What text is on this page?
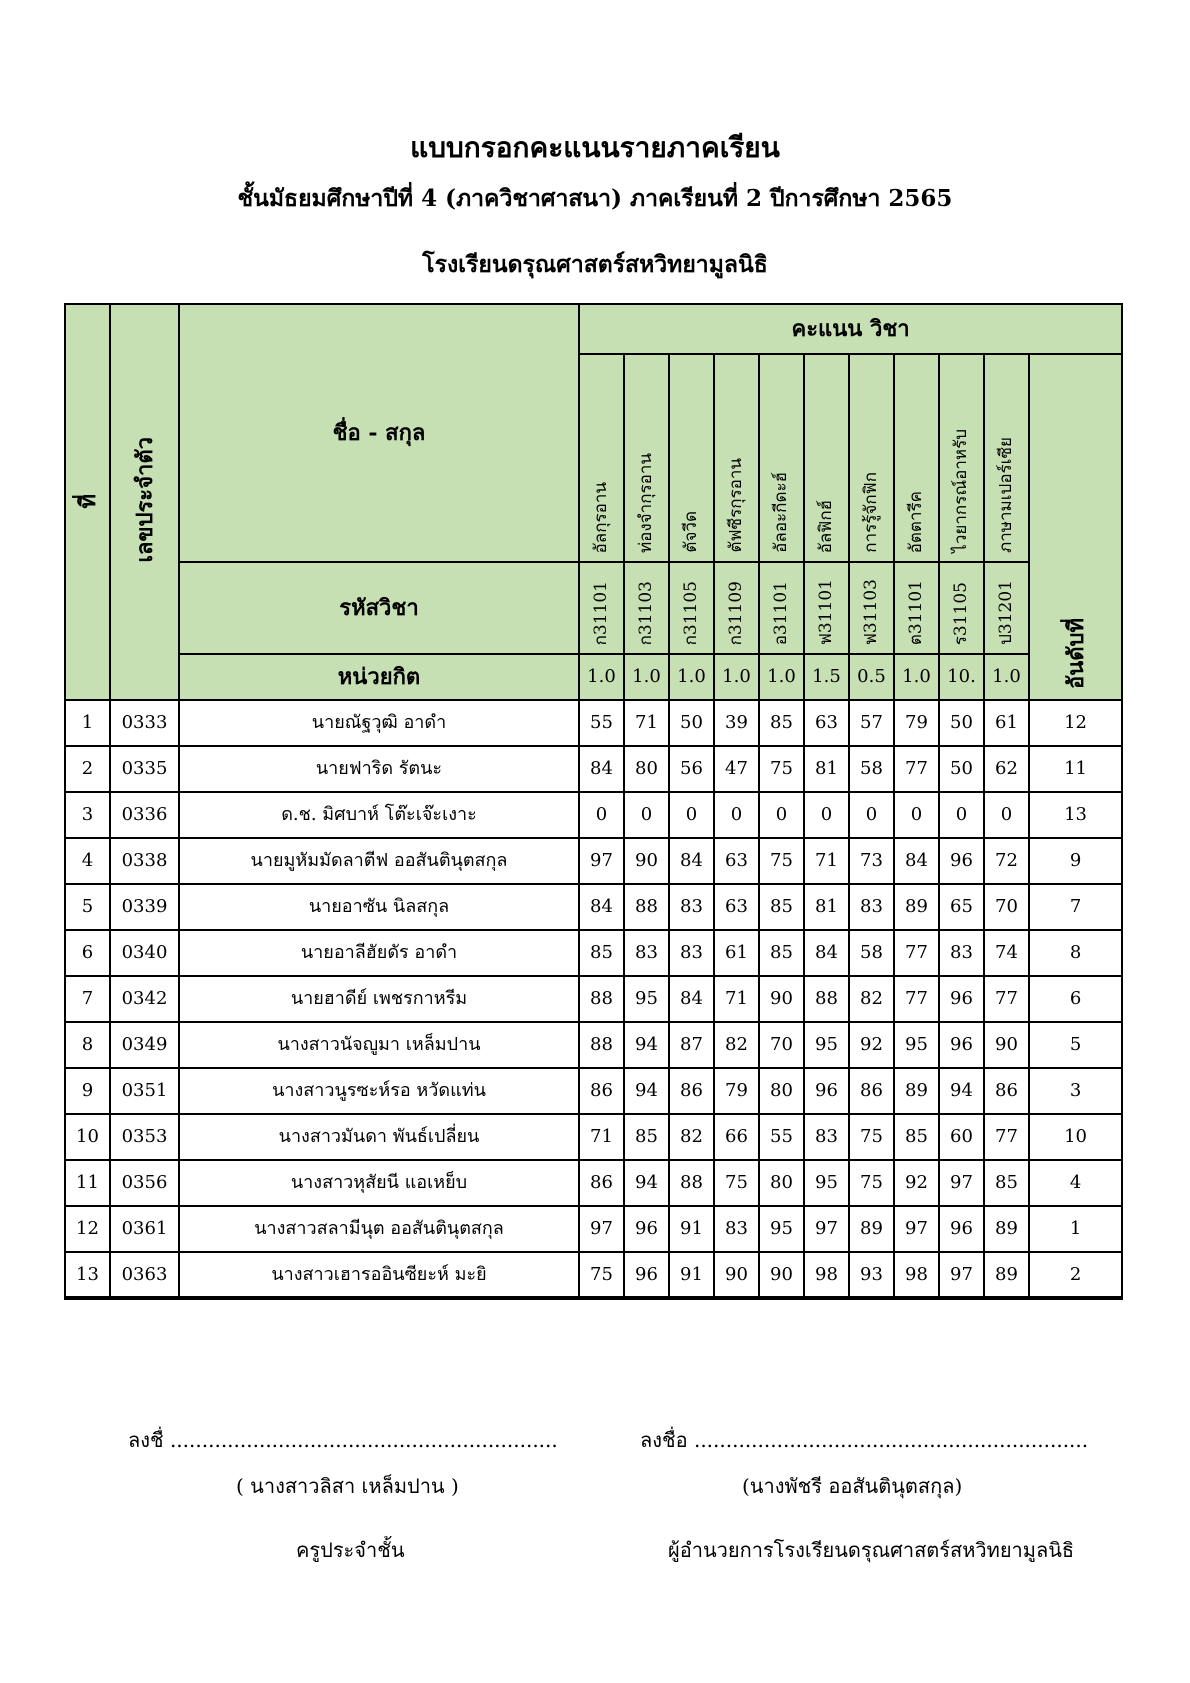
แบบกรอกคะแนนรายภาคเรียน
ชั้นมัธยมศึกษาปีที่ 4 (ภาควิชาศาสนา) ภาคเรียนที่ 2 ปีการศึกษา 2565
โรงเรียนดรุณศาสตร์สหวิทยามูลนิธิ
ที่	เลขประจำตัว	ชื่อ - สกุล	คะแนน วิชา										
			อัลกุรอาน	ท่องจำกุรอาน	ตัจวีด	ตัฟซีรกุรอาน	อัลอะกีดะฮ์	อัลฟิกฮ์	การรู้จักฟิก	อัตตารีค	ไวยากรณ์อาหรับ	ภาษามเปอร์เซีย	อันดับที่
		รหัสวิชา	ก31101	ก31103	ก31105	ก31109	อ31101	ฟ31101	ฟ31103	ต31101	ร31105	ป31201	
		หน่วยกิต	1.0	1.0	1.0	1.0	1.0	1.5	0.5	1.0	10.	1.0	
1	0333	นายณัฐวุฒิ อาดำ	55	71	50	39	85	63	57	79	50	61	12
2	0335	นายฟาริด รัตนะ	84	80	56	47	75	81	58	77	50	62	11
3	0336	ด.ช. มิศบาห์ โต๊ะเจ๊ะเงาะ	0	0	0	0	0	0	0	0	0	0	13
4	0338	นายมูหัมมัดลาตีฟ ออสันตินุตสกุล	97	90	84	63	75	71	73	84	96	72	9
5	0339	นายอาซัน นิลสกุล	84	88	83	63	85	81	83	89	65	70	7
6	0340	นายอาลีฮัยดัร อาดำ	85	83	83	61	85	84	58	77	83	74	8
7	0342	นายฮาดีย์ เพชรกาหรีม	88	95	84	71	90	88	82	77	96	77	6
8	0349	นางสาวนัจญูมา เหล็มปาน	88	94	87	82	70	95	92	95	96	90	5
9	0351	นางสาวนูรซะห์รอ หวัดแท่น	86	94	86	79	80	96	86	89	94	86	3
10	0353	นางสาวมันดา พันธ์เปลี่ยน	71	85	82	66	55	83	75	85	60	77	10
11	0356	นางสาวหุสัยนี แอเหย็บ	86	94	88	75	80	95	75	92	97	85	4
12	0361	นางสาวสลามีนุต ออสันตินุตสกุล	97	96	91	83	95	97	89	97	96	89	1
13	0363	นางสาวเฮารออินซียะห์ มะยิ	75	96	91	90	90	98	93	98	97	89	2
ลงชื่ .............................................................
( นางสาวลิสา เหล็มปาน )
ครูประจำชั้น
ลงชื่อ ..............................................................
(นางพัชรี ออสันตินุตสกุล)
ผู้อำนวยการโรงเรียนดรุณศาสตร์สหวิทยามูลนิธิ
